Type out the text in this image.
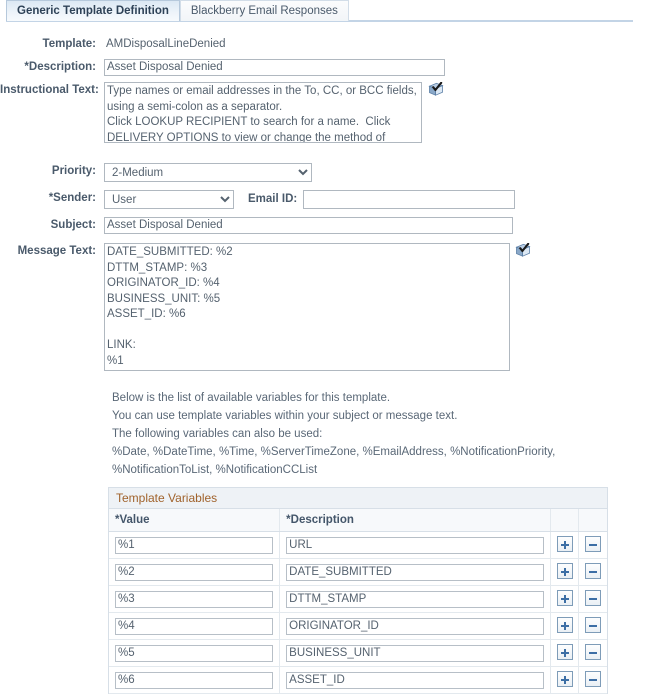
Generic Template Definition Blackberry Email Responses
Template: AMDisposalLineDenied
*Description:
Asset Disposal Denied
Instructional Text:
Type names or email addresses in the To, CC, or BCC fields, using a semi-colon as a separator. Click LOOKUP RECIPIENT to search for a name. Click DELIVERY OPTIONS to view or change the method of
Priority:
2-Medium
*Sender:
User	Email ID:
Subject:
Asset Disposal Denied
Message Text:
DATE_SUBMITTED: %2 DTTM_STAMP: %3 ORIGINATOR_ID: %4 BUSINESS_UNIT: %5 ASSET_ID: %6 LINK: %1
Below is the list of available variables for this template.
You can use template variables within your subject or message text.
The following variables can also be used:
%Date, %DateTime, %Time, %ServerTimeZone, %EmailAddress, %NotificationPriority,
%NotificationToList, %NotificationCCList
Template Variables
*Value	*Description		
%1	URL		
%2	DATE_SUBMITTED		
%3	DTTM_STAMP		
%4	ORIGINATOR_ID		
%5	BUSINESS_UNIT		
%6	ASSET_ID		
